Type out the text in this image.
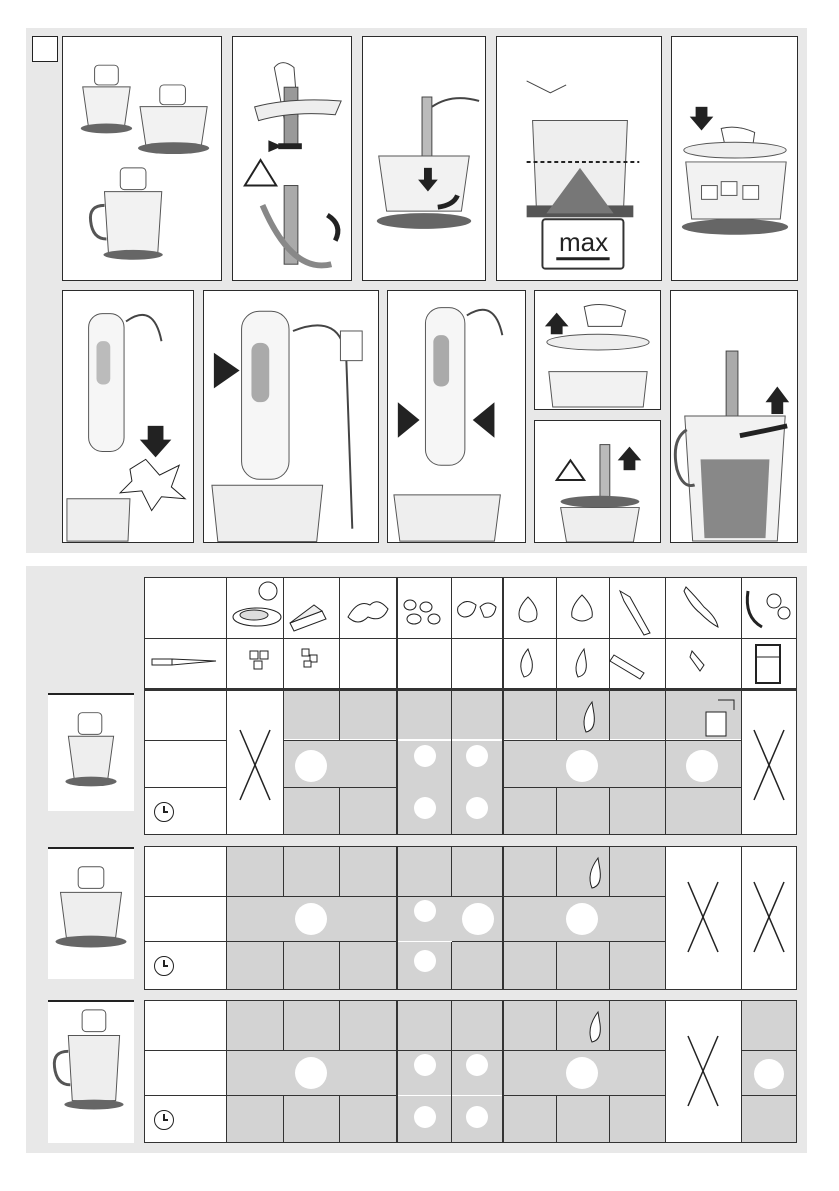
max
